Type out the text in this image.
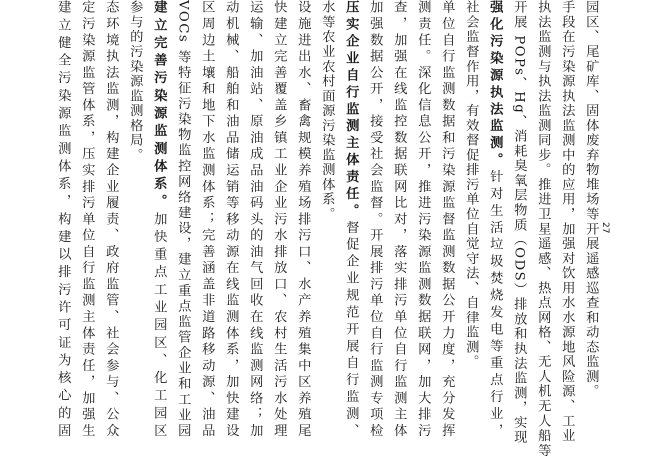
建立健全污染源监测体系，构建以排污许可证为核心的固 定污染源监管体系，压实排污单位自行监测主体责任，加强生 态环境执法监测，构建企业履责、政府监管、社会参与、公众 参与的污染源监测格局。 建立完善污染源监测体系。加快重点工业园区、化工园区 VOCs 等特征污染物监控网络建设，建立重点监管企业和工业园 区周边土壤和地下水监测体系；完善涵盖非道路移动源、油品 动机械、船舶和油品储运销等移动源在线监测体系，加快建设 运输、加油站、原油成品油码头的油气回收在线监测网络；加 快建立完善覆盖乡镇工业企业污水排放口、农村生活污水处理 设施进出水、畜禽规模养殖场排污口、水产养殖集中区养殖尾 水等农业农村面源污染监测体系。 压实企业自行监测主体责任。督促企业规范开展自行监测、 加强数据公开，接受社会监督。开展排污单位自行监测专项检 查，加强在线监控数据联网比对，落实排污单位自行监测主体 测责任。深化信息公开，推进污染源监测数据联网，加大排污 单位自行监测数据和污染源监督监测数据公开力度，充分发挥 社会监督作用，有效督促排污单位自觉守法、自律监测。 强化污染源执法监测。针对生活垃圾焚烧发电等重点行业， 开展 POPs、Hg、消耗臭氧层物质（ODS）排放和执法监测，实现 执法监测与执法监测同步。推进卫星遥感、热点网格、无人机无人船等 手段在污染源执法监测中的应用，加强对饮用水水源地风险源、工业 园区、尾矿库、固体废弃物堆场等开展遥感巡查和动态监测。 27
